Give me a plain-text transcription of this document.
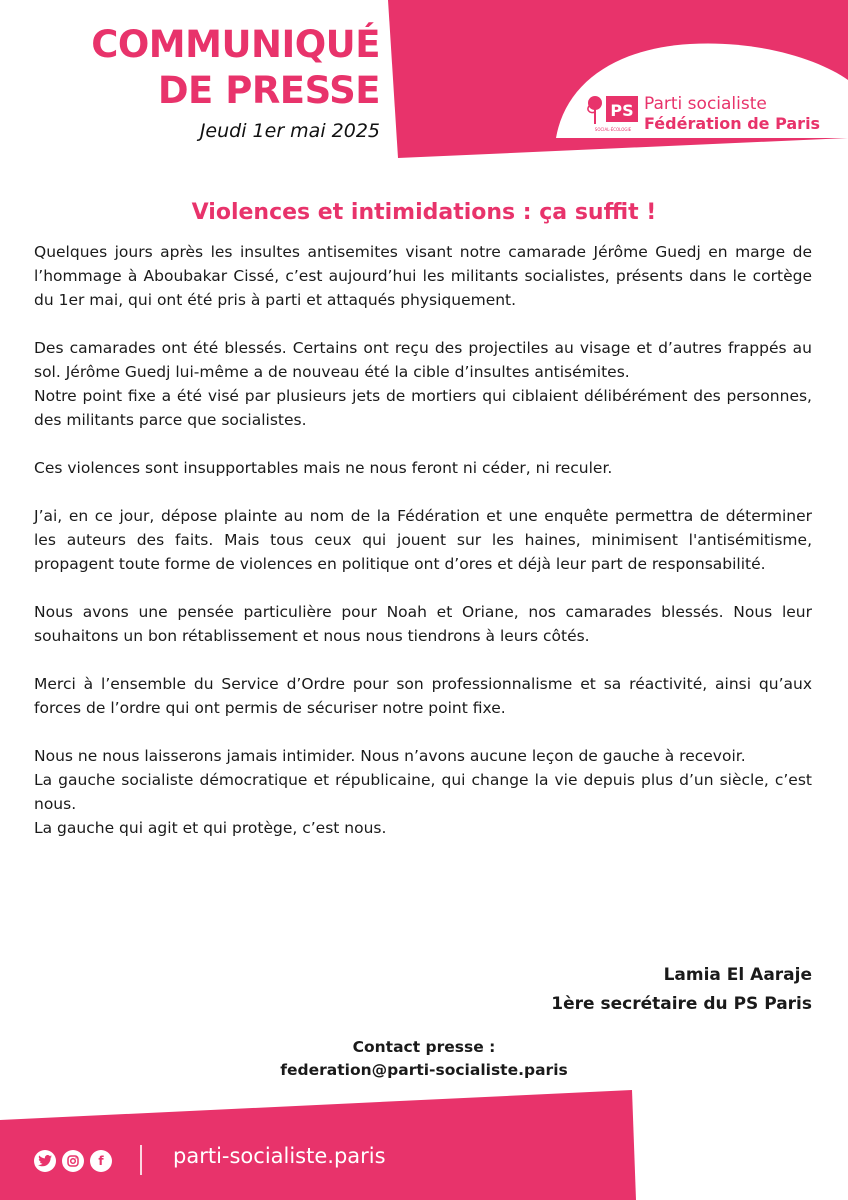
COMMUNIQUÉ
DE PRESSE
Jeudi 1er mai 2025
PS
SOCIAL·ÉCOLOGIE
Parti socialiste
Fédération de Paris
Violences et intimidations : ça suffit !

Quelques jours après les insultes antisemites visant notre camarade Jérôme Guedj en marge de l’hommage à Aboubakar Cissé, c’est aujourd’hui les militants socialistes, présents dans le cortège du 1er mai, qui ont été pris à parti et attaqués physiquement.

Des camarades ont été blessés. Certains ont reçu des projectiles au visage et d’autres frappés au sol. Jérôme Guedj lui-même a de nouveau été la cible d’insultes antisémites.

Notre point fixe a été visé par plusieurs jets de mortiers qui ciblaient délibérément des personnes, des militants parce que socialistes.

Ces violences sont insupportables mais ne nous feront ni céder, ni reculer.

J’ai, en ce jour, dépose plainte au nom de la Fédération et une enquête permettra de déterminer les auteurs des faits. Mais tous ceux qui jouent sur les haines, minimisent l'antisémitisme, propagent toute forme de violences en politique ont d’ores et déjà leur part de responsabilité.

Nous avons une pensée particulière pour Noah et Oriane, nos camarades blessés. Nous leur souhaitons un bon rétablissement et nous nous tiendrons à leurs côtés.

Merci à l’ensemble du Service d’Ordre pour son professionnalisme et sa réactivité, ainsi qu’aux forces de l’ordre qui ont permis de sécuriser notre point fixe.

Nous ne nous laisserons jamais intimider. Nous n’avons aucune leçon de gauche à recevoir.

La gauche socialiste démocratique et républicaine, qui change la vie depuis plus d’un siècle, c’est nous.

La gauche qui agit et qui protège, c’est nous.

Lamia El Aaraje
1ère secrétaire du PS Paris
Contact presse :
federation@parti-socialiste.paris
f	parti-socialiste.paris
